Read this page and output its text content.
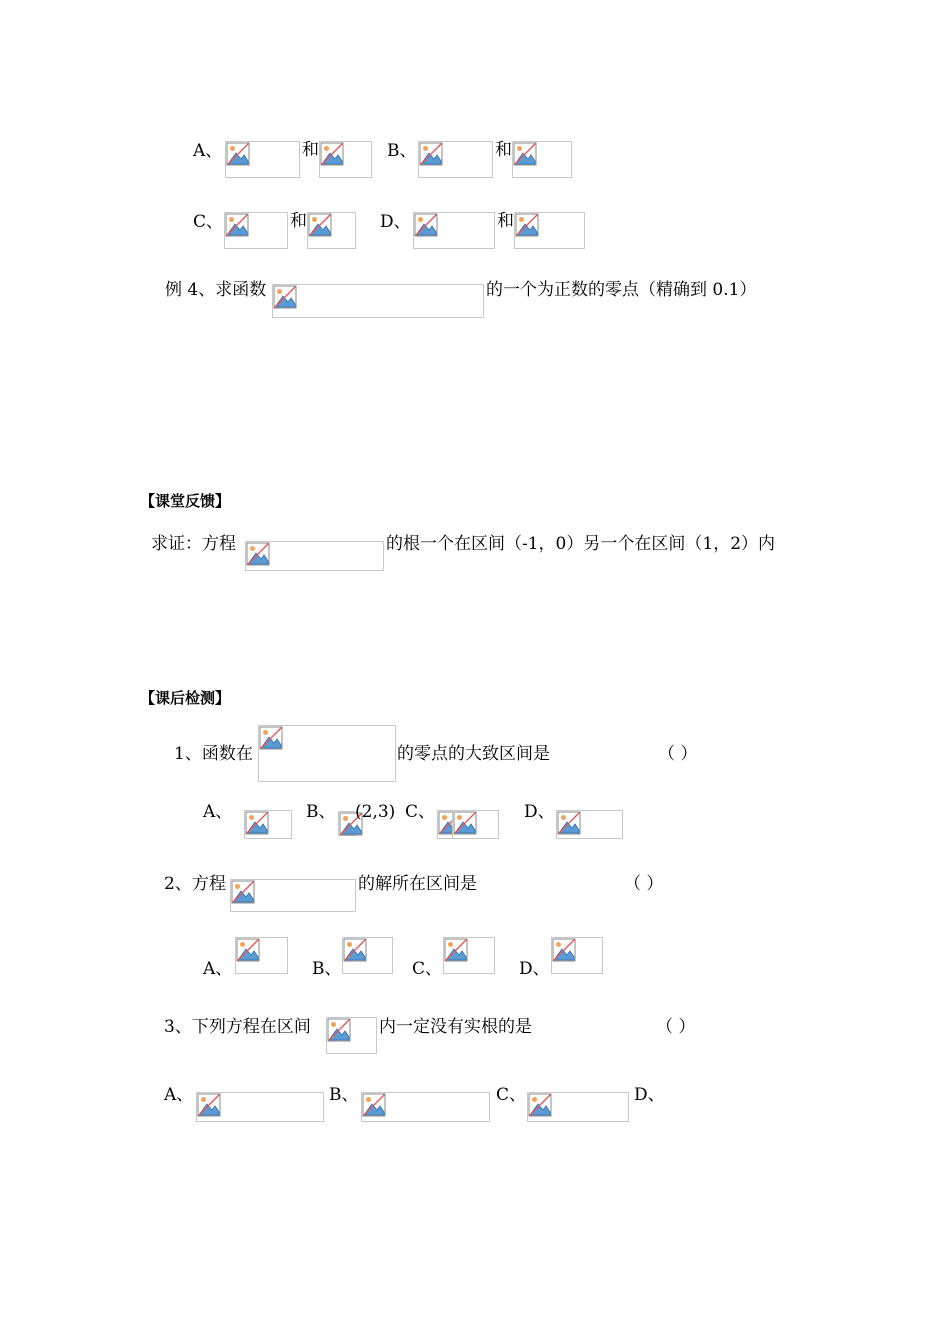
A、	和	B、	和
C、	和	D、	和
例 4、求函数	的一个为正数的零点（精确到 0.1）
【课堂反馈】
求证：方程	的根一个在区间（-1，0）另一个在区间（1，2）内
【课后检测】
1、函数在	的零点的大致区间是	（ ）
A、	B、 (2,3) C、	D、
2、方程	的解所在区间是	（ ）
A、	B、	C、	D、
3、下列方程在区间	内一定没有实根的是	（ ）
A、	B、	C、	D、
